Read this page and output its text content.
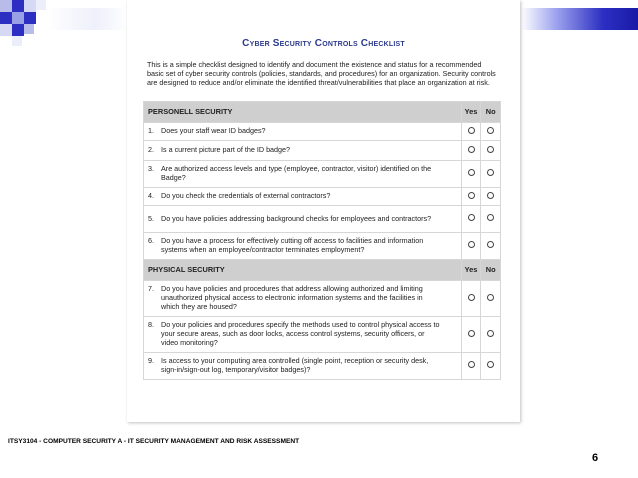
Cyber Security Controls Checklist
This is a simple checklist designed to identify and document the existence and status for a recommended basic set of cyber security controls (policies, standards, and procedures) for an organization. Security controls are designed to reduce and/or eliminate the identified threat/vulnerabilities that place an organization at risk.
PERSONELL SECURITY	Yes	No
1. Does your staff wear ID badges?		
2. Is a current picture part of the ID badge?		
3. Are authorized access levels and type (employee, contractor, visitor) identified on the Badge?		
4. Do you check the credentials of external contractors?		
5. Do you have policies addressing background checks for employees and contractors?		
6. Do you have a process for effectively cutting off access to facilities and information systems when an employee/contractor terminates employment?		
PHYSICAL SECURITY	Yes	No
7. Do you have policies and procedures that address allowing authorized and limiting unauthorized physical access to electronic information systems and the facilities in which they are housed?		
8. Do your policies and procedures specify the methods used to control physical access to your secure areas, such as door locks, access control systems, security officers, or video monitoring?		
9. Is access to your computing area controlled (single point, reception or security desk, sign-in/sign-out log, temporary/visitor badges)?		
ITSY3104 - COMPUTER SECURITY A - IT SECURITY MANAGEMENT AND RISK ASSESSMENT
6
